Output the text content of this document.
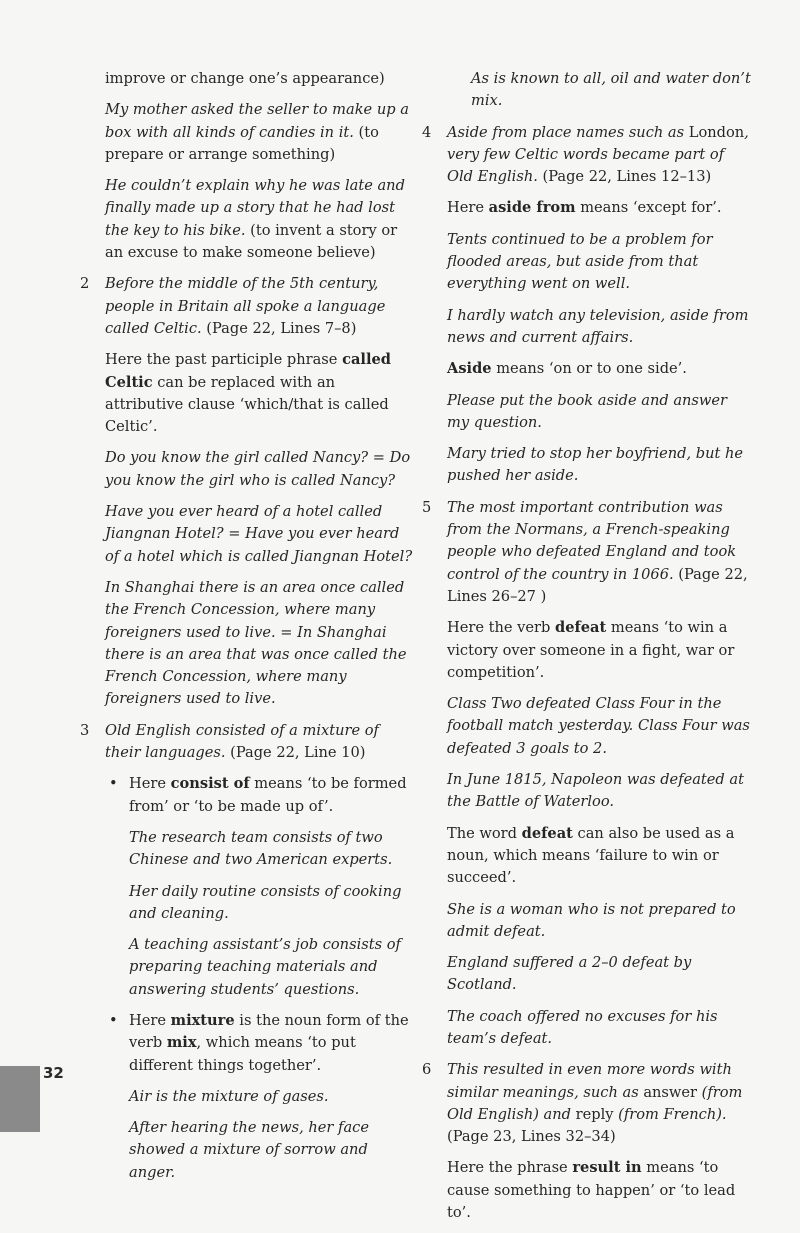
improve or change one’s appearance)

My mother asked the seller to make up a box with all kinds of candies in it. (to prepare or arrange something)

He couldn’t explain why he was late and finally made up a story that he had lost the key to his bike. (to invent a story or an excuse to make someone believe)

2 Before the middle of the 5th century, people in Britain all spoke a language called Celtic. (Page 22, Lines 7–8)

Here the past participle phrase called Celtic can be replaced with an attributive clause ‘which/that is called Celtic’.

Do you know the girl called Nancy? = Do you know the girl who is called Nancy?

Have you ever heard of a hotel called Jiangnan Hotel? = Have you ever heard of a hotel which is called Jiangnan Hotel?

In Shanghai there is an area once called the French Concession, where many foreigners used to live. = In Shanghai there is an area that was once called the French Concession, where many foreigners used to live.

3 Old English consisted of a mixture of their languages. (Page 22, Line 10)

• Here consist of means ‘to be formed from’ or ‘to be made up of’.

The research team consists of two Chinese and two American experts.

Her daily routine consists of cooking and cleaning.

A teaching assistant’s job consists of preparing teaching materials and answering students’ questions.

• Here mixture is the noun form of the verb mix, which means ‘to put different things together’.

Air is the mixture of gases.

After hearing the news, her face showed a mixture of sorrow and anger.

As is known to all, oil and water don’t mix.

4 Aside from place names such as London, very few Celtic words became part of Old English. (Page 22, Lines 12–13)

Here aside from means ‘except for’.

Tents continued to be a problem for flooded areas, but aside from that everything went on well.

I hardly watch any television, aside from news and current affairs.

Aside means ‘on or to one side’.

Please put the book aside and answer my question.

Mary tried to stop her boyfriend, but he pushed her aside.

5 The most important contribution was from the Normans, a French-speaking people who defeated England and took control of the country in 1066. (Page 22, Lines 26–27 )

Here the verb defeat means ‘to win a victory over someone in a fight, war or competition’.

Class Two defeated Class Four in the football match yesterday. Class Four was defeated 3 goals to 2.

In June 1815, Napoleon was defeated at the Battle of Waterloo.

The word defeat can also be used as a noun, which means ‘failure to win or succeed’.

She is a woman who is not prepared to admit defeat.

England suffered a 2–0 defeat by Scotland.

The coach offered no excuses for his team’s defeat.

6 This resulted in even more words with similar meanings, such as answer (from Old English) and reply (from French). (Page 23, Lines 32–34)

Here the phrase result in means ‘to cause something to happen’ or ‘to lead to’.

32
